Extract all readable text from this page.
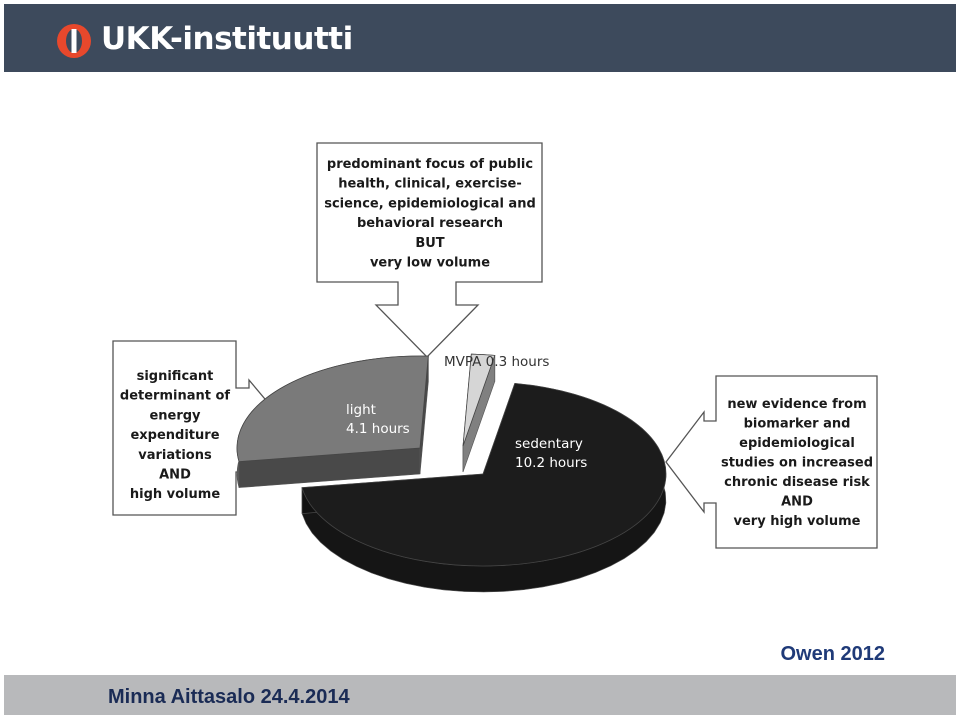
UKK-instituutti
predominant focus of public health, clinical, exercise-science, epidemiological and behavioral research BUT very low volume
significant determinant of energy expenditure variations AND high volume
new evidence from biomarker and epidemiological studies on increased chronic disease risk AND very high volume
sedentary
10.2 hours
light
4.1 hours
MVPA 0.3 hours
Owen 2012
Minna Aittasalo 24.4.2014
